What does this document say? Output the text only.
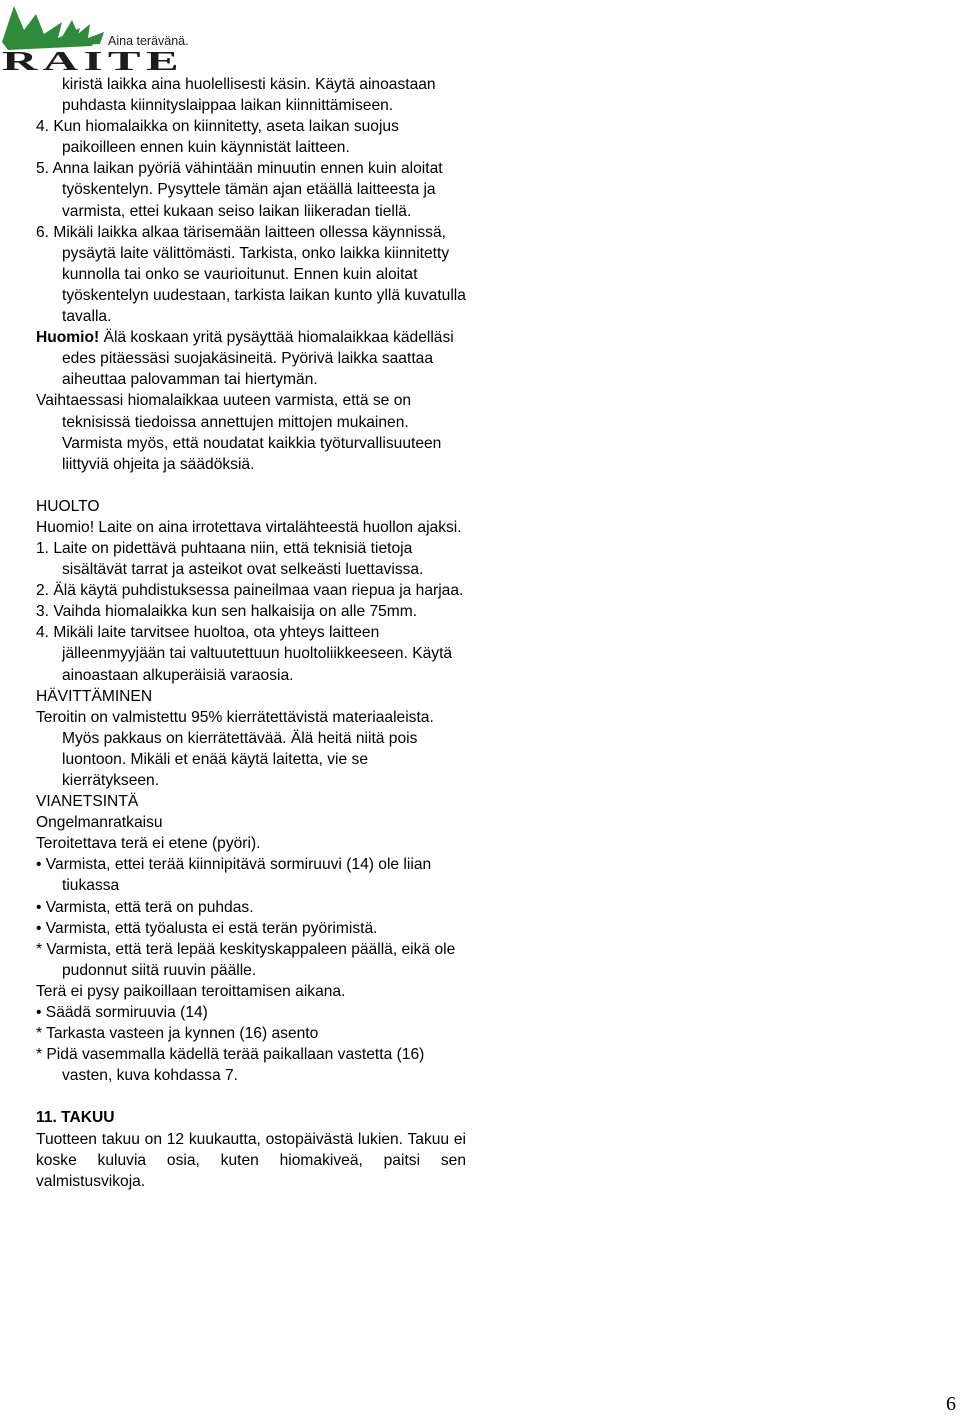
Aina terävänä.
RAITE

kiristä laikka aina huolellisesti käsin. Käytä ainoastaan puhdasta kiinnityslaippaa laikan kiinnittämiseen.

4. Kun hiomalaikka on kiinnitetty, aseta laikan suojus paikoilleen ennen kuin käynnistät laitteen.

5. Anna laikan pyöriä vähintään minuutin ennen kuin aloitat työskentelyn. Pysyttele tämän ajan etäällä laitteesta ja varmista, ettei kukaan seiso laikan liikeradan tiellä.

6. Mikäli laikka alkaa tärisemään laitteen ollessa käynnissä, pysäytä laite välittömästi. Tarkista, onko laikka kiinnitetty kunnolla tai onko se vaurioitunut. Ennen kuin aloitat työskentelyn uudestaan, tarkista laikan kunto yllä kuvatulla tavalla.

Huomio! Älä koskaan yritä pysäyttää hiomalaikkaa kädelläsi edes pitäessäsi suojakäsineitä. Pyörivä laikka saattaa aiheuttaa palovamman tai hiertymän.

Vaihtaessasi hiomalaikkaa uuteen varmista, että se on teknisissä tiedoissa annettujen mittojen mukainen. Varmista myös, että noudatat kaikkia työturvallisuuteen liittyviä ohjeita ja säädöksiä.

HUOLTO

Huomio! Laite on aina irrotettava virtalähteestä huollon ajaksi.

1. Laite on pidettävä puhtaana niin, että teknisiä tietoja sisältävät tarrat ja asteikot ovat selkeästi luettavissa.

2. Älä käytä puhdistuksessa paineilmaa vaan riepua ja harjaa.

3. Vaihda hiomalaikka kun sen halkaisija on alle 75mm.

4. Mikäli laite tarvitsee huoltoa, ota yhteys laitteen jälleenmyyjään tai valtuutettuun huoltoliikkeeseen. Käytä ainoastaan alkuperäisiä varaosia.

HÄVITTÄMINEN

Teroitin on valmistettu 95% kierrätettävistä materiaaleista. Myös pakkaus on kierrätettävää. Älä heitä niitä pois luontoon. Mikäli et enää käytä laitetta, vie se kierrätykseen.

VIANETSINTÄ

Ongelmanratkaisu

Teroitettava terä ei etene (pyöri).

• Varmista, ettei terää kiinnipitävä sormiruuvi (14) ole liian tiukassa

• Varmista, että terä on puhdas.

• Varmista, että työalusta ei estä terän pyörimistä.

* Varmista, että terä lepää keskityskappaleen päällä, eikä ole pudonnut siitä ruuvin päälle.

Terä ei pysy paikoillaan teroittamisen aikana.

• Säädä sormiruuvia (14)

* Tarkasta vasteen ja kynnen (16) asento

* Pidä vasemmalla kädellä terää paikallaan vastetta (16) vasten, kuva kohdassa 7.

11. TAKUU

Tuotteen takuu on 12 kuukautta, ostopäivästä lukien. Takuu ei koske kuluvia osia, kuten hiomakiveä, paitsi sen valmistusvikoja.

6
